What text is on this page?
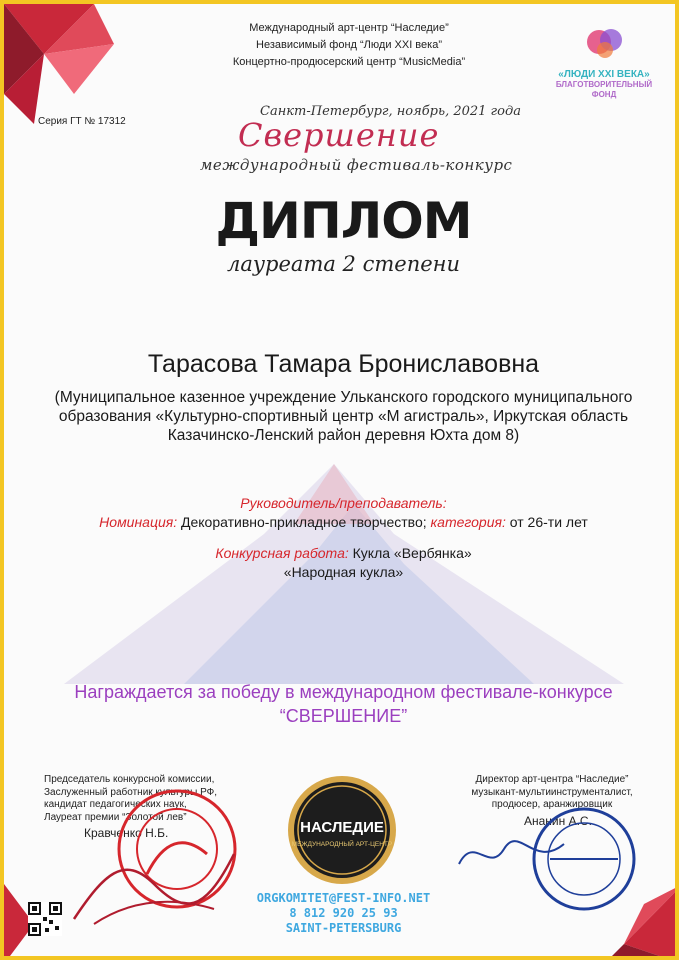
Международный арт-центр “Наследие”
Независимый фонд “Люди XXI века”
Концертно-продюсерский центр “MusicMedia”
Серия ГТ № 17312
«ЛЮДИ XXI ВЕКА»
БЛАГОТВОРИТЕЛЬНЫЙ
ФОНД
Санкт-Петербург, ноябрь, 2021 года
Свершение
международный фестиваль-конкурс
ДИПЛОМ
лауреата 2 степени
Тарасова Тамара Брониславовна
(Муниципальное казенное учреждение Ульканского городского муниципального образования «Культурно-спортивный центр «М агистраль», Иркутская область Казачинско-Ленский район деревня Юхта дом 8)
Руководитель/преподаватель:
Номинация: Декоративно-прикладное творчество; категория: от 26-ти лет
Конкурсная работа: Кукла «Вербянка»
«Народная кукла»
Награждается за победу в международном фестивале-конкурсе
“СВЕРШЕНИЕ”
Председатель конкурсной комиссии,
Заслуженный работник культуры РФ,
кандидат педагогических наук,
Лауреат премии “Золотой лев”
Кравченко Н.Б.	НАСЛЕДИЕ
МЕЖДУНАРОДНЫЙ АРТ-ЦЕНТР
Директор арт-центра “Наследие”
музыкант-мультиинструменталист,
продюсер, аранжировщик
Ананин А.С.
ORGKOMITET@FEST-INFO.NET
8 812 920 25 93
SAINT-PETERSBURG
